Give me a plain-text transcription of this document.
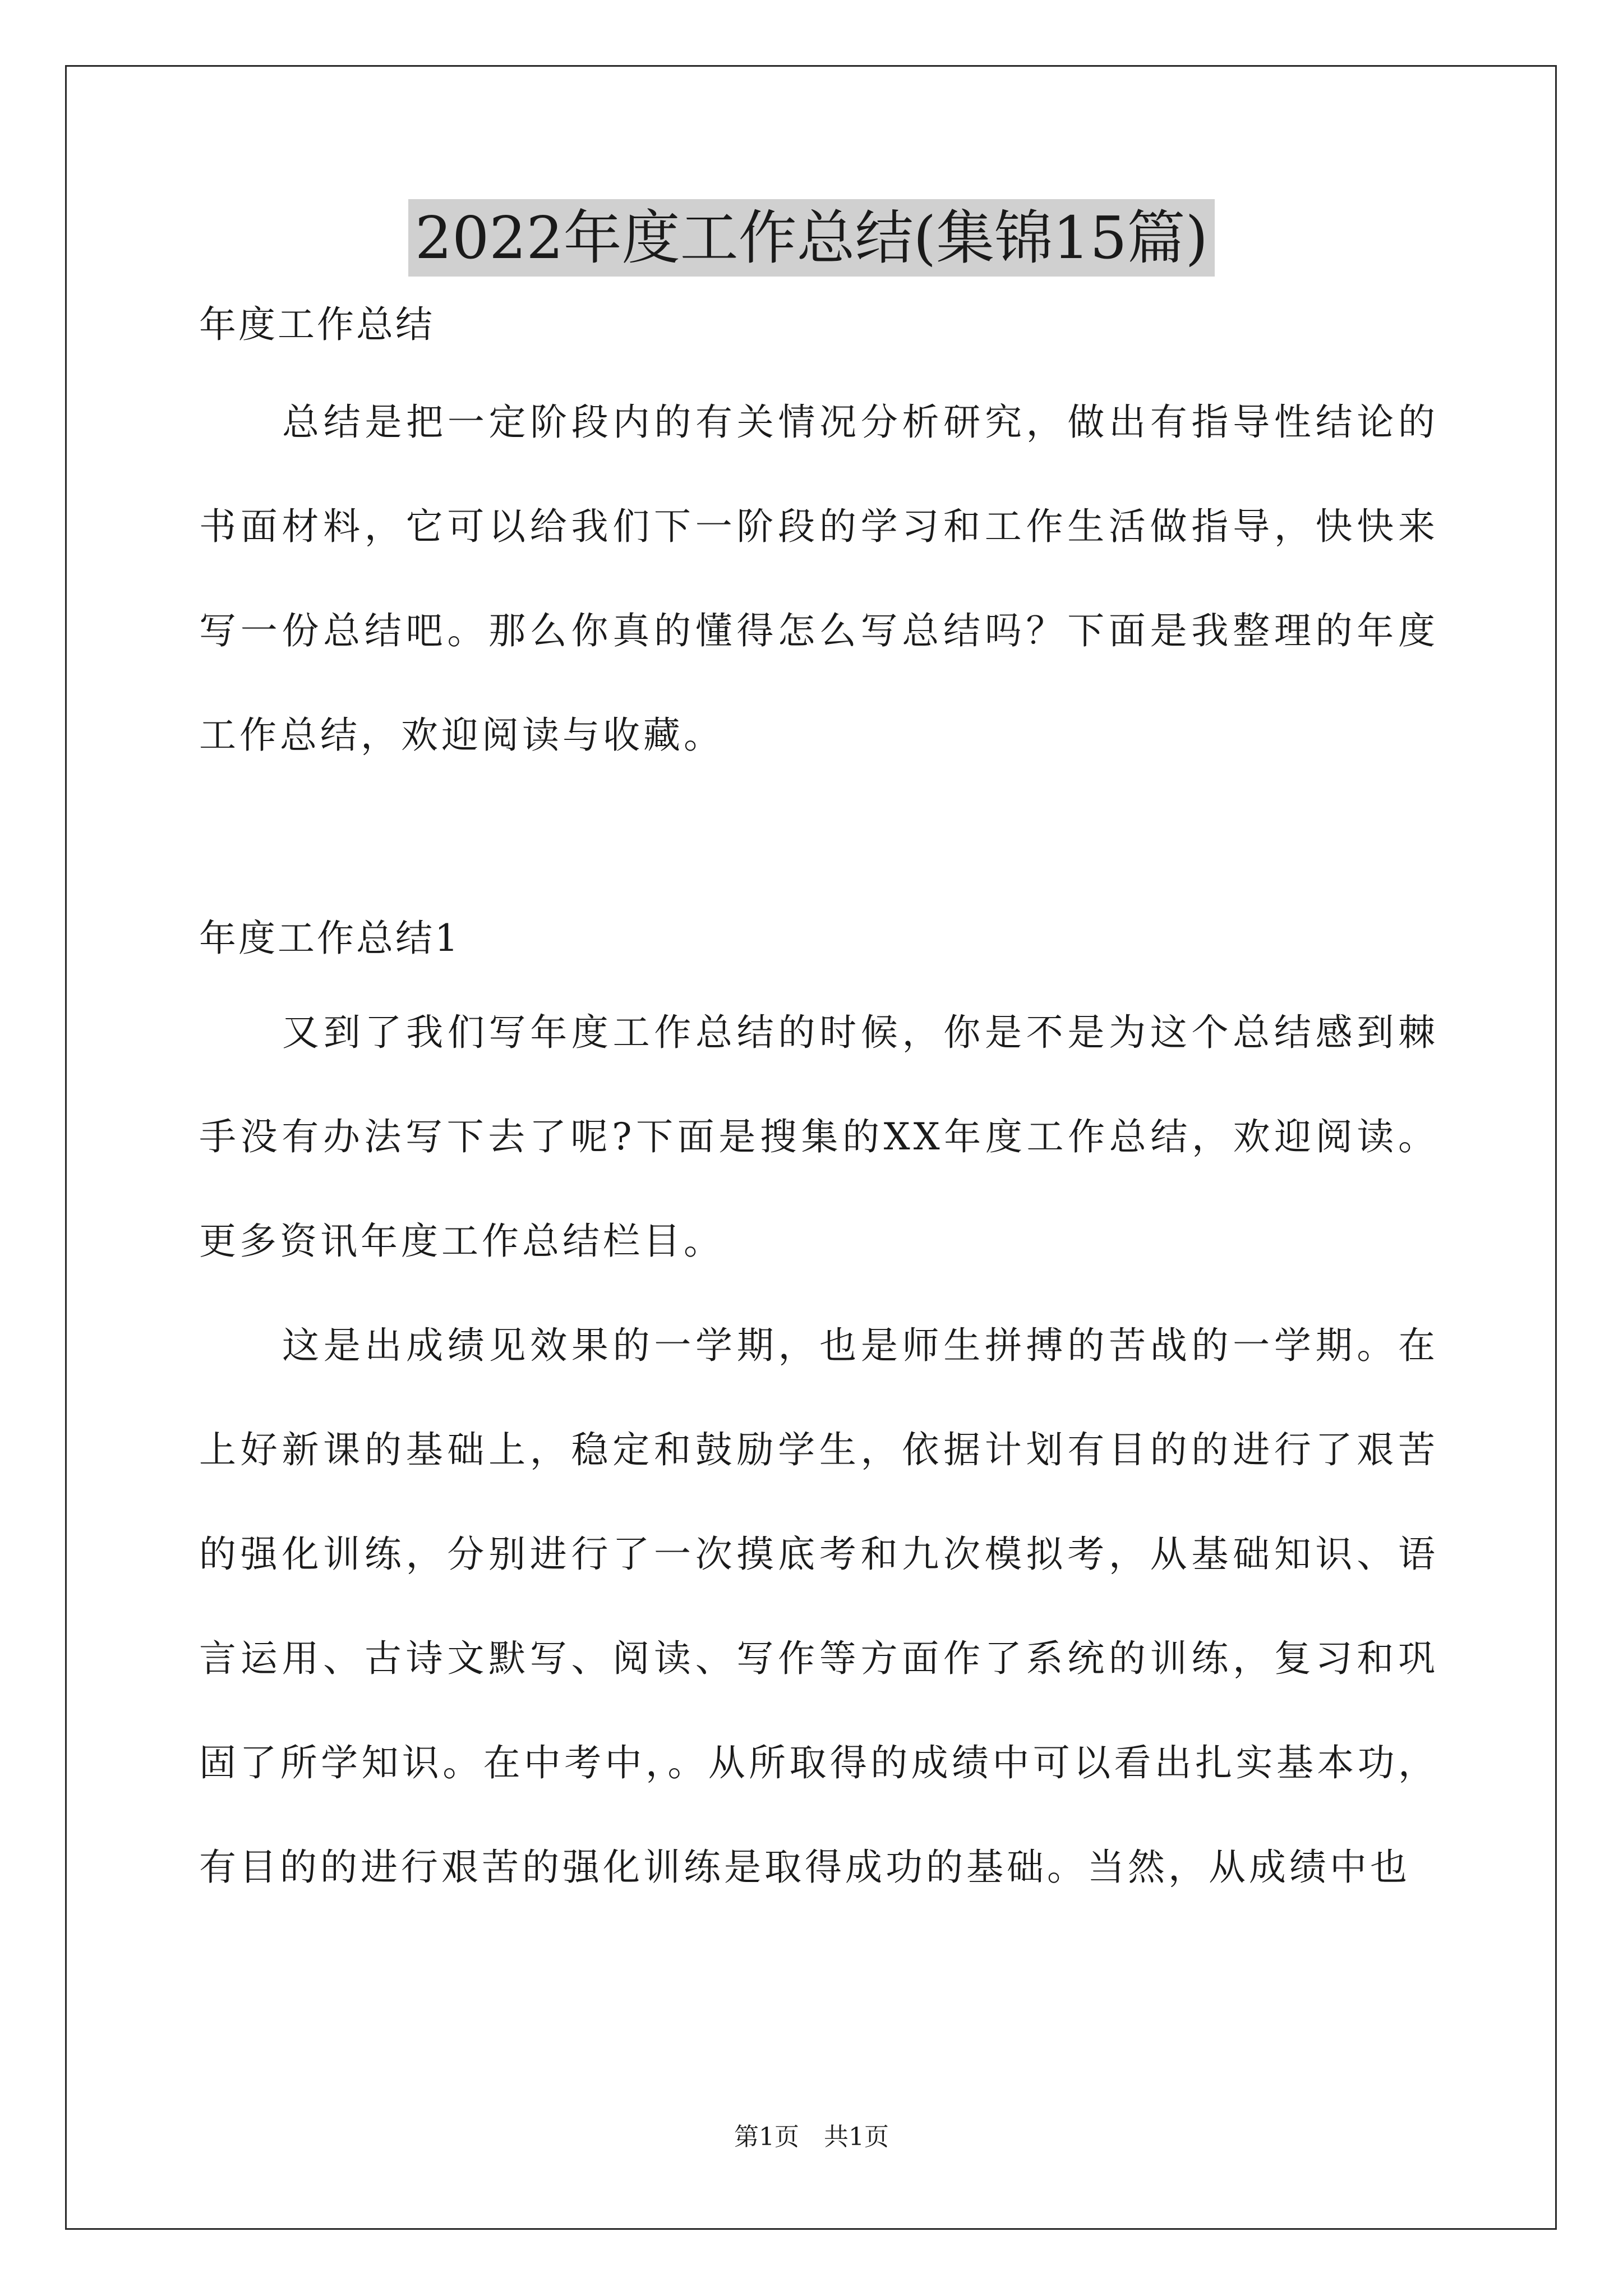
2022年度工作总结(集锦15篇)

年度工作总结

总结是把一定阶段内的有关情况分析研究，做出有指导性结论的书面材料，它可以给我们下一阶段的学习和工作生活做指导，快快来写一份总结吧。那么你真的懂得怎么写总结吗？下面是我整理的年度工作总结，欢迎阅读与收藏。

年度工作总结1

又到了我们写年度工作总结的时候，你是不是为这个总结感到棘手没有办法写下去了呢?下面是搜集的XX年度工作总结，欢迎阅读。更多资讯年度工作总结栏目。

这是出成绩见效果的一学期，也是师生拼搏的苦战的一学期。在上好新课的基础上，稳定和鼓励学生，依据计划有目的的进行了艰苦的强化训练，分别进行了一次摸底考和九次模拟考，从基础知识、语言运用、古诗文默写、阅读、写作等方面作了系统的训练，复习和巩固了所学知识。在中考中，。从所取得的成绩中可以看出扎实基本功，有目的的进行艰苦的强化训练是取得成功的基础。当然，从成绩中也

第1页　共1页
